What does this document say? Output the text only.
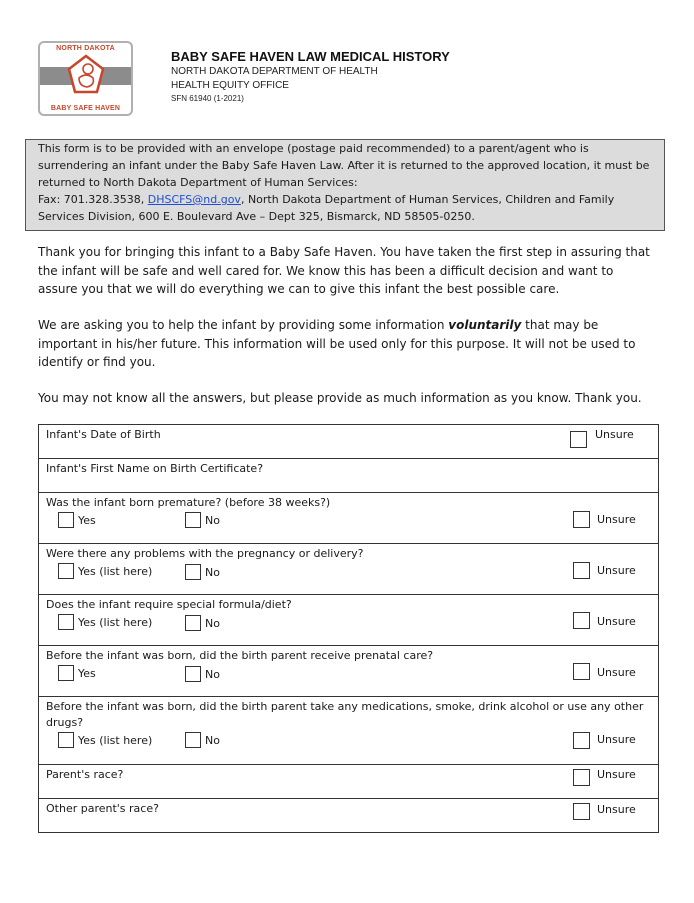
NORTH DAKOTA
BABY SAFE HAVEN
BABY SAFE HAVEN LAW MEDICAL HISTORY
NORTH DAKOTA DEPARTMENT OF HEALTH
HEALTH EQUITY OFFICE
SFN 61940 (1-2021)
This form is to be provided with an envelope (postage paid recommended) to a parent/agent who is
surrendering an infant under the Baby Safe Haven Law. After it is returned to the approved location, it must be
returned to North Dakota Department of Human Services:
Fax: 701.328.3538, DHSCFS@nd.gov, North Dakota Department of Human Services, Children and Family
Services Division, 600 E. Boulevard Ave – Dept 325, Bismarck, ND 58505-0250.
Thank you for bringing this infant to a Baby Safe Haven. You have taken the first step in assuring that
the infant will be safe and well cared for. We know this has been a difficult decision and want to
assure you that we will do everything we can to give this infant the best possible care.
We are asking you to help the infant by providing some information voluntarily that may be
important in his/her future. This information will be used only for this purpose. It will not be used to
identify or find you.
You may not know all the answers, but please provide as much information as you know. Thank you.
Infant's Date of Birth	Unsure
Infant's First Name on Birth Certificate?
Was the infant born premature? (before 38 weeks?)
Yes	No	Unsure
Were there any problems with the pregnancy or delivery?
Yes (list here)	No	Unsure
Does the infant require special formula/diet?
Yes (list here)	No	Unsure
Before the infant was born, did the birth parent receive prenatal care?
Yes	No	Unsure
Before the infant was born, did the birth parent take any medications, smoke, drink alcohol or use any other
drugs?
Yes (list here)	No	Unsure
Parent's race?	Unsure
Other parent's race?	Unsure
